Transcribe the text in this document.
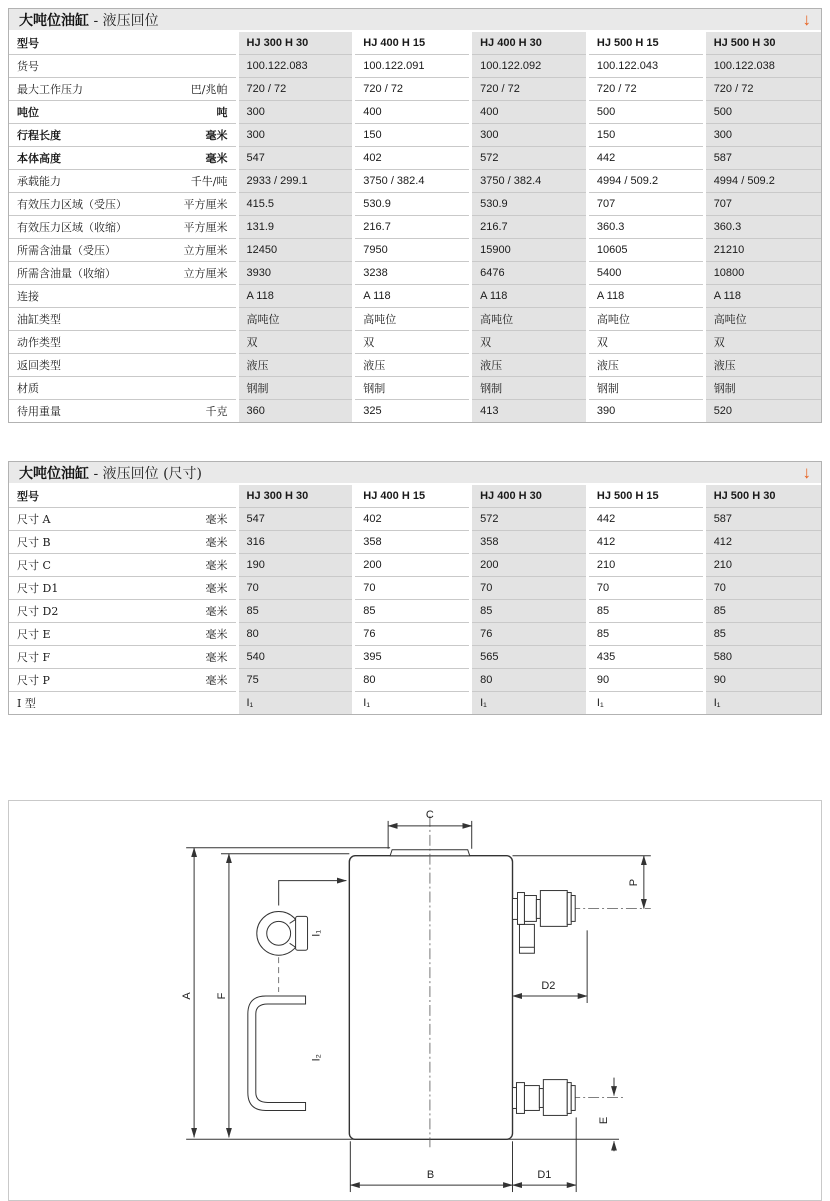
大吨位油缸 - 液压回位	↓
型号	HJ 300 H 30	HJ 400 H 15	HJ 400 H 30	HJ 500 H 15	HJ 500 H 30

货号	100.122.083	100.122.091	100.122.092	100.122.043	100.122.038

最大工作压力 巴/兆帕	720 / 72	720 / 72	720 / 72	720 / 72	720 / 72

吨位 吨	300	400	400	500	500

行程长度 毫米	300	150	300	150	300

本体高度 毫米	547	402	572	442	587

承载能力 千牛/吨	2933 / 299.1	3750 / 382.4	3750 / 382.4	4994 / 509.2	4994 / 509.2

有效压力区域（受压） 平方厘米	415.5	530.9	530.9	707	707

有效压力区域（收缩） 平方厘米	131.9	216.7	216.7	360.3	360.3

所需含油量（受压） 立方厘米	12450	7950	15900	10605	21210

所需含油量（收缩） 立方厘米	3930	3238	6476	5400	10800

连接	A 118	A 118	A 118	A 118	A 118

油缸类型	高吨位	高吨位	高吨位	高吨位	高吨位

动作类型	双	双	双	双	双

返回类型	液压	液压	液压	液压	液压

材质	钢制	钢制	钢制	钢制	钢制

待用重量 千克	360	325	413	390	520
大吨位油缸 - 液压回位 (尺寸)	↓
型号	HJ 300 H 30	HJ 400 H 15	HJ 400 H 30	HJ 500 H 15	HJ 500 H 30

尺寸 A 毫米	547	402	572	442	587

尺寸 B 毫米	316	358	358	412	412

尺寸 C 毫米	190	200	200	210	210

尺寸 D1 毫米	70	70	70	70	70

尺寸 D2 毫米	85	85	85	85	85

尺寸 E 毫米	80	76	76	85	85

尺寸 F 毫米	540	395	565	435	580

尺寸 P 毫米	75	80	80	90	90

I 型	I₁	I₁	I₁	I₁	I₁
C
A F
I₁
I₂
P
D2
E
B	D1
